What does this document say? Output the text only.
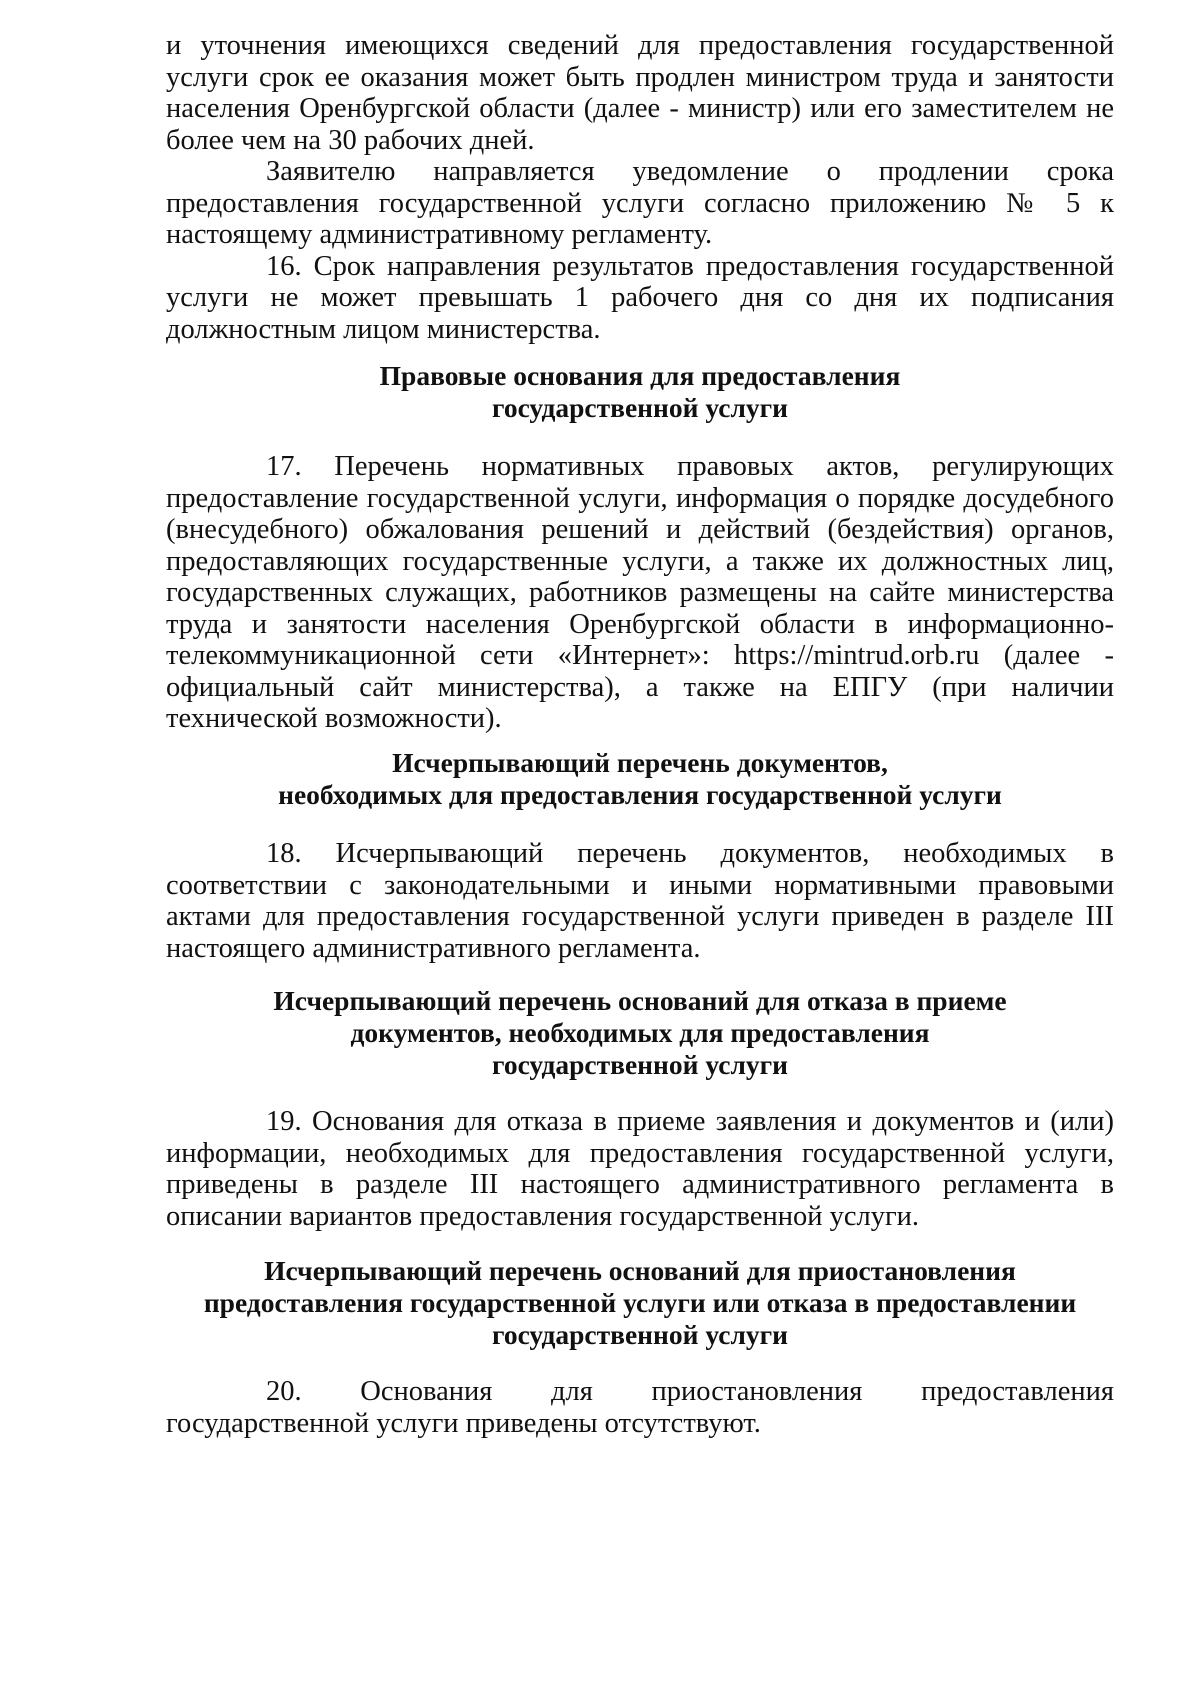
и уточнения имеющихся сведений для предоставления государственной услуги срок ее оказания может быть продлен министром труда и занятости населения Оренбургской области (далее - министр) или его заместителем не более чем на 30 рабочих дней.

Заявителю направляется уведомление о продлении срока предоставления государственной услуги согласно приложению № 5 к настоящему административному регламенту.

16. Срок направления результатов предоставления государственной услуги не может превышать 1 рабочего дня со дня их подписания должностным лицом министерства.

Правовые основания для предоставления
государственной услуги

17. Перечень нормативных правовых актов, регулирующих предоставление государственной услуги, информация о порядке досудебного (внесудебного) обжалования решений и действий (бездействия) органов, предоставляющих государственные услуги, а также их должностных лиц, государственных служащих, работников размещены на сайте министерства труда и занятости населения Оренбургской области в информационно-телекоммуникационной сети «Интернет»: https://mintrud.orb.ru (далее - официальный сайт министерства), а также на ЕПГУ (при наличии технической возможности).

Исчерпывающий перечень документов,
необходимых для предоставления государственной услуги

18. Исчерпывающий перечень документов, необходимых в соответствии с законодательными и иными нормативными правовыми актами для предоставления государственной услуги приведен в разделе III настоящего административного регламента.

Исчерпывающий перечень оснований для отказа в приеме
документов, необходимых для предоставления
государственной услуги

19. Основания для отказа в приеме заявления и документов и (или) информации, необходимых для предоставления государственной услуги, приведены в разделе III настоящего административного регламента в описании вариантов предоставления государственной услуги.

Исчерпывающий перечень оснований для приостановления
предоставления государственной услуги или отказа в предоставлении
государственной услуги

20. Основания для приостановления предоставления государственной услуги приведены отсутствуют.
